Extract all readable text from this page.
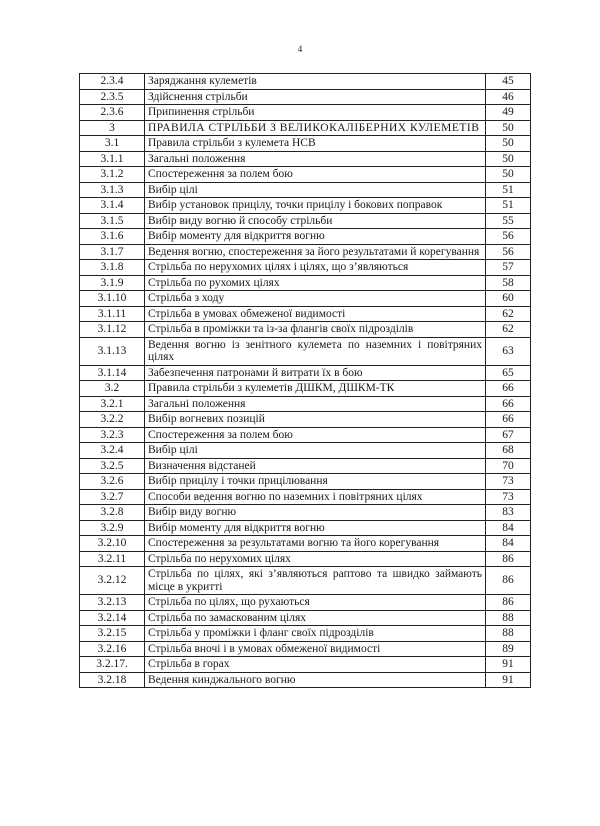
4
2.3.4	Заряджання кулеметів	45
2.3.5	Здійснення стрільби	46
2.3.6	Припинення стрільби	49
3	ПРАВИЛА СТРІЛЬБИ З ВЕЛИКОКАЛІБЕРНИХ КУЛЕМЕТІВ	50
3.1	Правила стрільби з кулемета НСВ	50
3.1.1	Загальні положення	50
3.1.2	Спостереження за полем бою	50
3.1.3	Вибір цілі	51
3.1.4	Вибір установок прицілу, точки прицілу і бокових поправок	51
3.1.5	Вибір виду вогню й способу стрільби	55
3.1.6	Вибір моменту для відкриття вогню	56
3.1.7	Ведення вогню, спостереження за його результатами й корегування	56
3.1.8	Стрільба по нерухомих цілях і цілях, що з’являються	57
3.1.9	Стрільба по рухомих цілях	58
3.1.10	Стрільба з ходу	60
3.1.11	Стрільба в умовах обмеженої видимості	62
3.1.12	Стрільба в проміжки та із-за флангів своїх підрозділів	62
3.1.13	Ведення вогню із зенітного кулемета по наземних і повітряних цілях	63
3.1.14	Забезпечення патронами й витрати їх в бою	65
3.2	Правила стрільби з кулеметів ДШКМ, ДШКМ-ТК	66
3.2.1	Загальні положення	66
3.2.2	Вибір вогневих позицій	66
3.2.3	Спостереження за полем бою	67
3.2.4	Вибір цілі	68
3.2.5	Визначення відстаней	70
3.2.6	Вибір прицілу і точки прицілювання	73
3.2.7	Способи ведення вогню по наземних і повітряних цілях	73
3.2.8	Вибір виду вогню	83
3.2.9	Вибір моменту для відкриття вогню	84
3.2.10	Спостереження за результатами вогню та його корегування	84
3.2.11	Стрільба по нерухомих цілях	86
3.2.12	Стрільба по цілях, які з’являються раптово та швидко займають місце в укритті	86
3.2.13	Стрільба по цілях, що рухаються	86
3.2.14	Стрільба по замаскованим цілях	88
3.2.15	Стрільба у проміжки і фланг своїх підрозділів	88
3.2.16	Стрільба вночі і в умовах обмеженої видимості	89
3.2.17.	Стрільба в горах	91
3.2.18	Ведення кинджального вогню	91
